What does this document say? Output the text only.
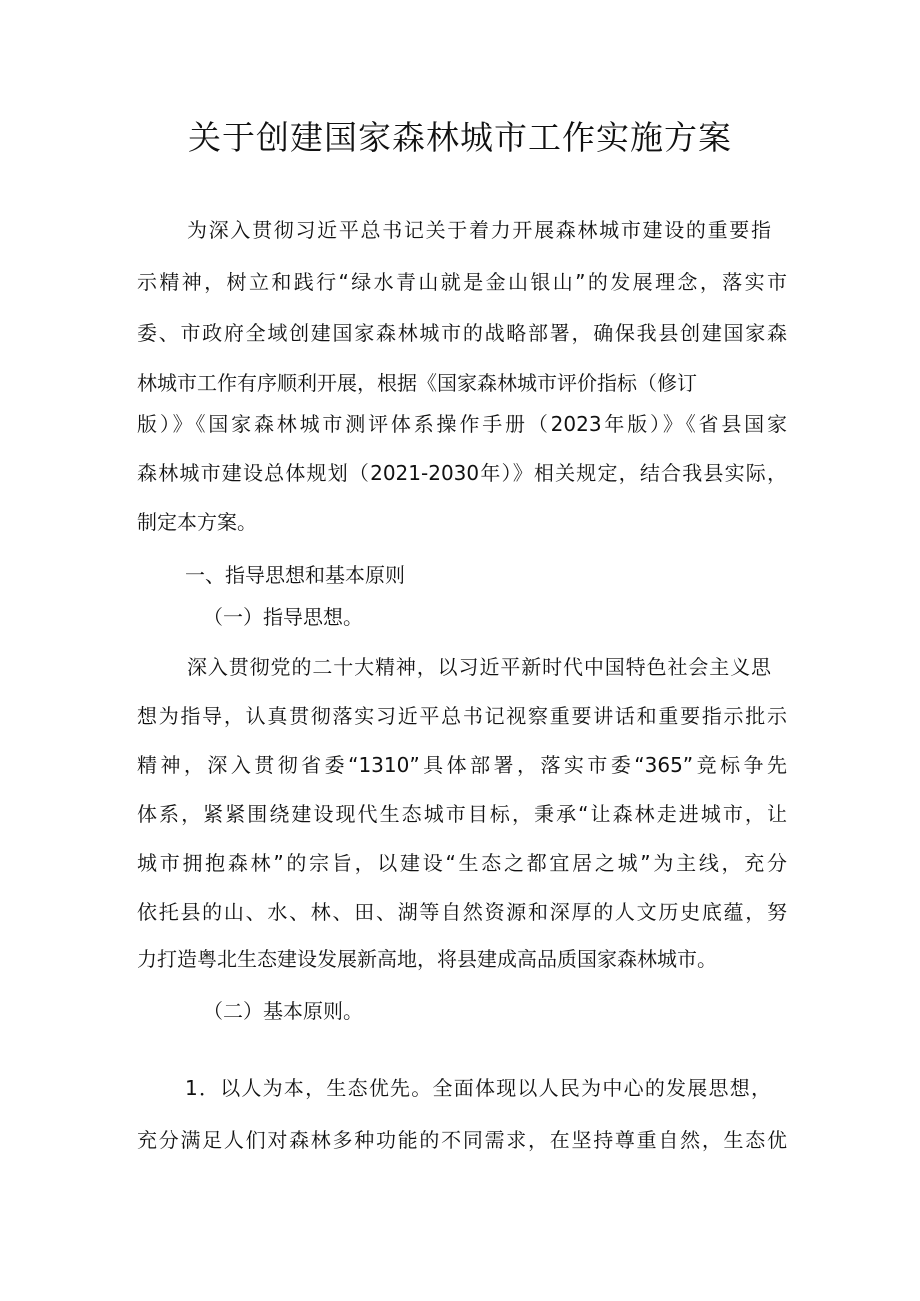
关于创建国家森林城市工作实施方案

为深入贯彻习近平总书记关于着力开展森林城市建设的重要指

示精神，树立和践行“绿水青山就是金山银山”的发展理念，落实市

委、市政府全域创建国家森林城市的战略部署，确保我县创建国家森

林城市工作有序顺利开展，根据《国家森林城市评价指标（修订

版）》《国家森林城市测评体系操作手册（2023年版）》《省县国家

森林城市建设总体规划（2021-2030年）》相关规定，结合我县实际，

制定本方案。

一、指导思想和基本原则

（一）指导思想。

深入贯彻党的二十大精神，以习近平新时代中国特色社会主义思

想为指导，认真贯彻落实习近平总书记视察重要讲话和重要指示批示

精神，深入贯彻省委“1310”具体部署，落实市委“365”竞标争先

体系，紧紧围绕建设现代生态城市目标，秉承“让森林走进城市，让

城市拥抱森林”的宗旨，以建设“生态之都宜居之城”为主线，充分

依托县的山、水、林、田、湖等自然资源和深厚的人文历史底蕴，努

力打造粤北生态建设发展新高地，将县建成高品质国家森林城市。

（二）基本原则。

1．以人为本，生态优先。全面体现以人民为中心的发展思想，

充分满足人们对森林多种功能的不同需求，在坚持尊重自然，生态优
